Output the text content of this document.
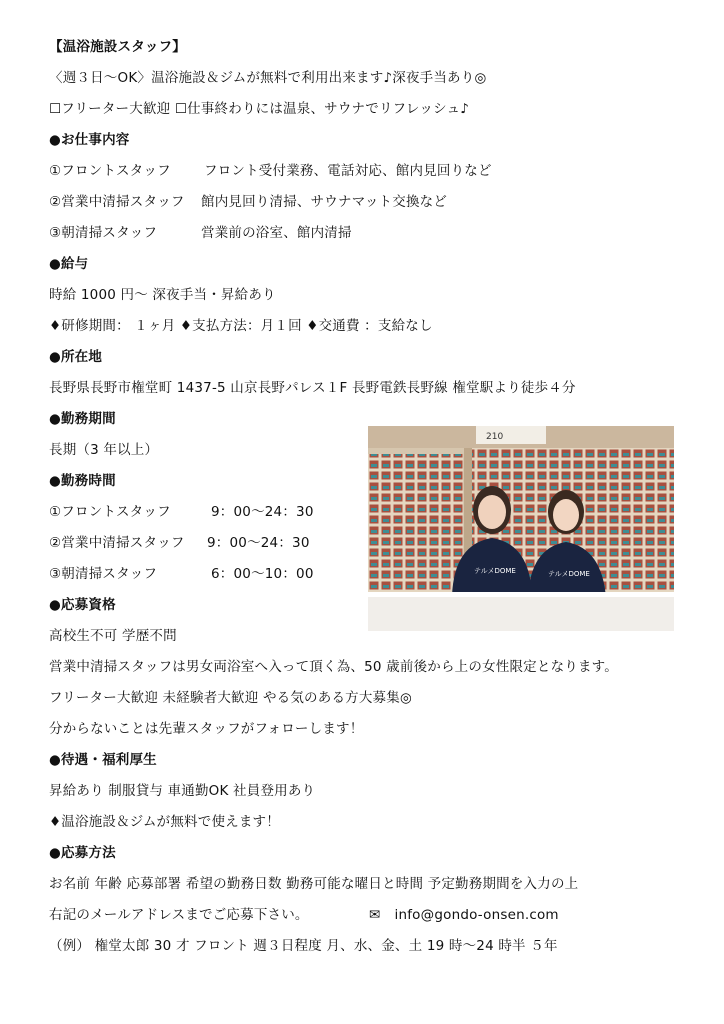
【温浴施設スタッフ】
〈週３日～OK〉温浴施設＆ジムが無料で利用出来ます♪深夜手当あり◎
☐フリーター大歓迎 ☐仕事終わりには温泉、サウナでリフレッシュ♪
●お仕事内容
①フロントスタッフ フロント受付業務、電話対応、館内見回りなど
②営業中清掃スタッフ 館内見回り清掃、サウナマット交換など
③朝清掃スタッフ	営業前の浴室、館内清掃
●給与
時給 1000 円～ 深夜手当・昇給あり
♦研修期間： １ヶ月 ♦支払方法：月１回 ♦交通費 ：支給なし
●所在地
長野県長野市権堂町 1437-5 山京長野パレス１F 長野電鉄長野線 権堂駅より徒歩４分
●勤務期間
長期（3 年以上）
●勤務時間
①フロントスタッフ	9：00～24：30
②営業中清掃スタッフ 9：00～24：30
③朝清掃スタッフ	6：00～10：00
●応募資格
高校生不可 学歴不問
営業中清掃スタッフは男女両浴室へ入って頂く為、50 歳前後から上の女性限定となります。
フリーター大歓迎 未経験者大歓迎 やる気のある方大募集◎
分からないことは先輩スタッフがフォローします！
●待遇・福利厚生
昇給あり 制服貸与 車通勤OK 社員登用あり
♦温浴施設＆ジムが無料で使えます！
●応募方法
お名前 年齢 応募部署 希望の勤務日数 勤務可能な曜日と時間 予定勤務期間を入力の上
右記のメールアドレスまでご応募下さい。	✉ info@gondo-onsen.com
（例） 権堂太郎 30 才 フロント 週３日程度 月、水、金、土 19 時～24 時半 ５年
210
テルメDOME	テルメDOME
